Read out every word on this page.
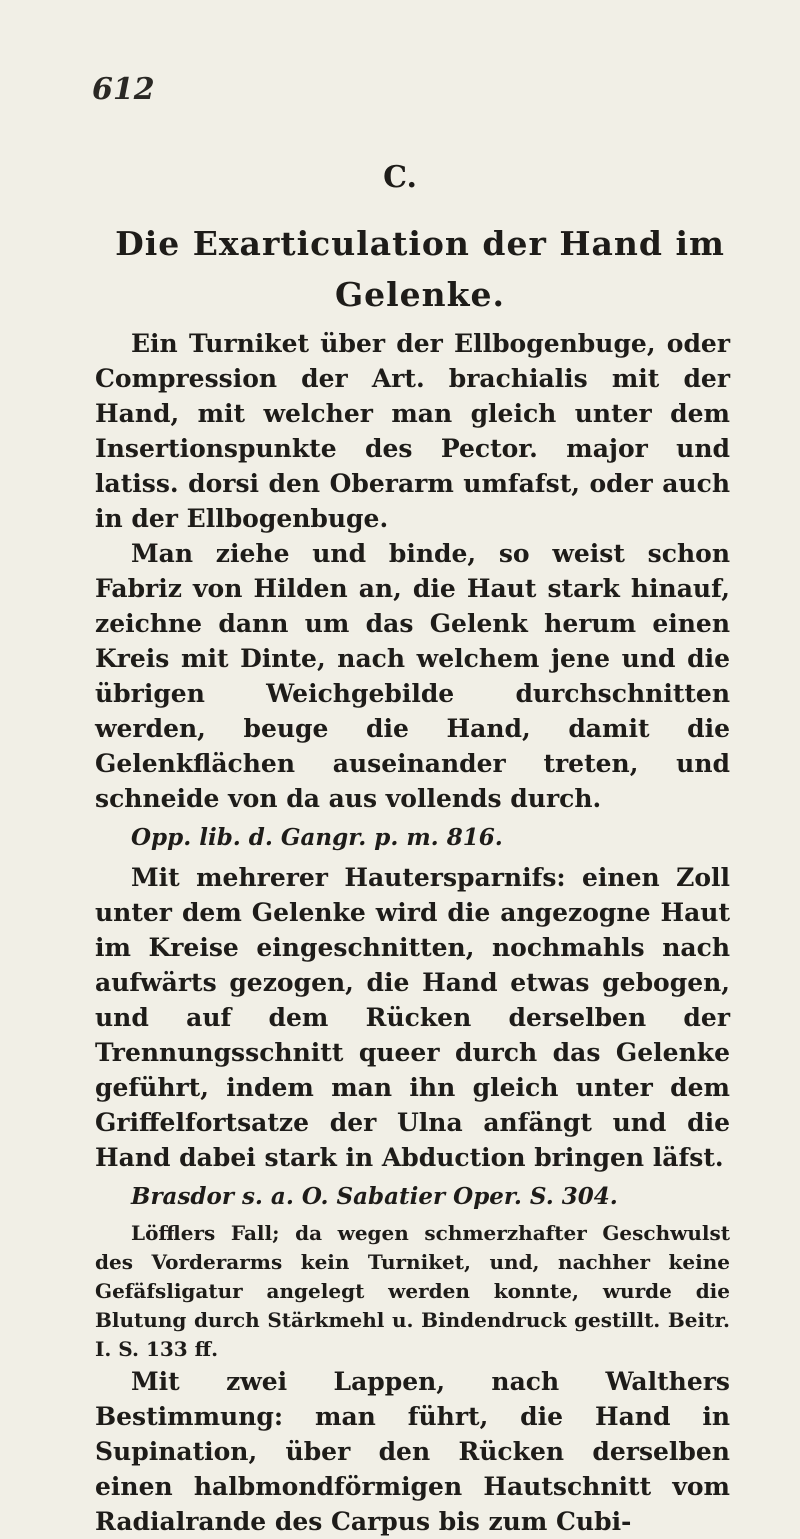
612
C.
Die Exarticulation der Hand im Gelenke.

Ein Turniket über der Ellbogenbuge, oder Compression der Art. brachialis mit der Hand, mit welcher man gleich unter dem Insertionspunkte des Pector. major und latiss. dorsi den Oberarm umfafst, oder auch in der Ellbogenbuge.

Man ziehe und binde, so weist schon Fabriz von Hilden an, die Haut stark hinauf, zeichne dann um das Gelenk herum einen Kreis mit Dinte, nach welchem jene und die übrigen Weichgebilde durchschnitten werden, beuge die Hand, damit die Gelenkflächen auseinander treten, und schneide von da aus vollends durch.

Opp. lib. d. Gangr. p. m. 816.

Mit mehrerer Hautersparnifs: einen Zoll unter dem Gelenke wird die angezogne Haut im Kreise eingeschnitten, nochmahls nach aufwärts gezogen, die Hand etwas gebogen, und auf dem Rücken derselben der Trennungsschnitt queer durch das Gelenke geführt, indem man ihn gleich unter dem Griffelfortsatze der Ulna anfängt und die Hand dabei stark in Abduction bringen läfst.

Brasdor s. a. O. Sabatier Oper. S. 304.

Löfflers Fall; da wegen schmerzhafter Geschwulst des Vorderarms kein Turniket, und, nachher keine Gefäfsligatur angelegt werden konnte, wurde die Blutung durch Stärkmehl u. Bindendruck gestillt. Beitr. I. S. 133 ff.

Mit zwei Lappen, nach Walthers Bestimmung: man führt, die Hand in Supination, über den Rücken derselben einen halbmondförmigen Hautschnitt vom Radialrande des Carpus bis zum Cubi-
